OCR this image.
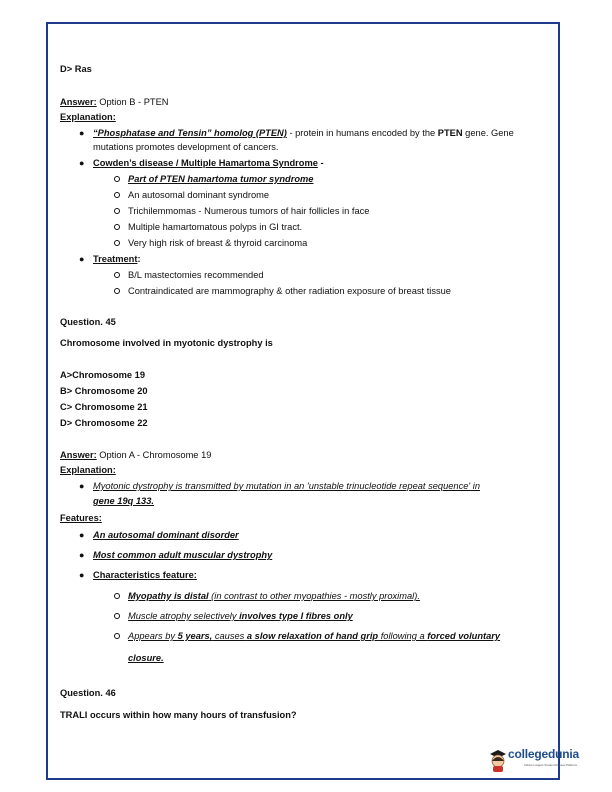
D> Ras
Answer: Option B - PTEN
Explanation:
● “Phosphatase and Tensin” homolog (PTEN) - protein in humans encoded by the PTEN gene. Gene
mutations promotes development of cancers.
● Cowden’s disease / Multiple Hamartoma Syndrome -
Part of PTEN hamartoma tumor syndrome
An autosomal dominant syndrome
Trichilemmomas - Numerous tumors of hair follicles in face
Multiple hamartomatous polyps in GI tract.
Very high risk of breast & thyroid carcinoma
● Treatment:
B/L mastectomies recommended
Contraindicated are mammography & other radiation exposure of breast tissue
Question. 45
Chromosome involved in myotonic dystrophy is
A>Chromosome 19
B> Chromosome 20
C> Chromosome 21
D> Chromosome 22
Answer: Option A - Chromosome 19
Explanation:
● Myotonic dystrophy is transmitted by mutation in an 'unstable trinucleotide repeat sequence' in
gene 19q 133.
Features:
● An autosomal dominant disorder
● Most common adult muscular dystrophy
● Characteristics feature:
Myopathy is distal (in contrast to other myopathies - mostly proximal).
Muscle atrophy selectively involves type I fibres only
Appears by 5 years, causes a slow relaxation of hand grip following a forced voluntary
closure.
Question. 46
TRALI occurs within how many hours of transfusion?
collegedunia
India's Largest Student Review Platform
